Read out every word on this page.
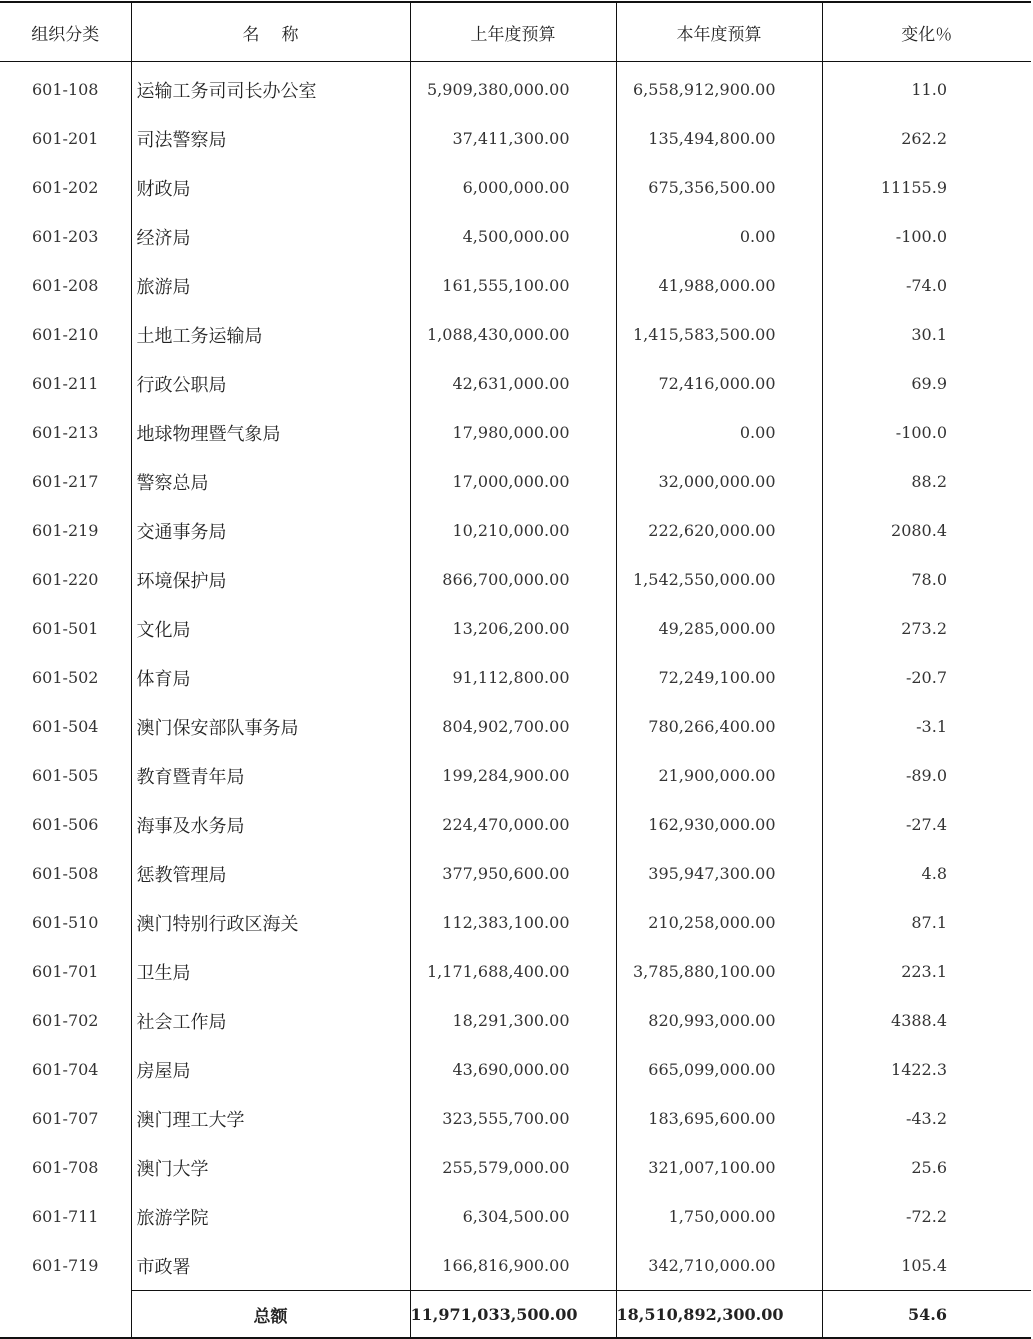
组织分类	名称	上年度预算	本年度预算	变化％
601-108	运输工务司司长办公室	5,909,380,000.00	6,558,912,900.00	11.0
601-201	司法警察局	37,411,300.00	135,494,800.00	262.2
601-202	财政局	6,000,000.00	675,356,500.00	11155.9
601-203	经济局	4,500,000.00	0.00	-100.0
601-208	旅游局	161,555,100.00	41,988,000.00	-74.0
601-210	土地工务运输局	1,088,430,000.00	1,415,583,500.00	30.1
601-211	行政公职局	42,631,000.00	72,416,000.00	69.9
601-213	地球物理暨气象局	17,980,000.00	0.00	-100.0
601-217	警察总局	17,000,000.00	32,000,000.00	88.2
601-219	交通事务局	10,210,000.00	222,620,000.00	2080.4
601-220	环境保护局	866,700,000.00	1,542,550,000.00	78.0
601-501	文化局	13,206,200.00	49,285,000.00	273.2
601-502	体育局	91,112,800.00	72,249,100.00	-20.7
601-504	澳门保安部队事务局	804,902,700.00	780,266,400.00	-3.1
601-505	教育暨青年局	199,284,900.00	21,900,000.00	-89.0
601-506	海事及水务局	224,470,000.00	162,930,000.00	-27.4
601-508	惩教管理局	377,950,600.00	395,947,300.00	4.8
601-510	澳门特别行政区海关	112,383,100.00	210,258,000.00	87.1
601-701	卫生局	1,171,688,400.00	3,785,880,100.00	223.1
601-702	社会工作局	18,291,300.00	820,993,000.00	4388.4
601-704	房屋局	43,690,000.00	665,099,000.00	1422.3
601-707	澳门理工大学	323,555,700.00	183,695,600.00	-43.2
601-708	澳门大学	255,579,000.00	321,007,100.00	25.6
601-711	旅游学院	6,304,500.00	1,750,000.00	-72.2
601-719	市政署	166,816,900.00	342,710,000.00	105.4
	总额	11,971,033,500.00	18,510,892,300.00	54.6
